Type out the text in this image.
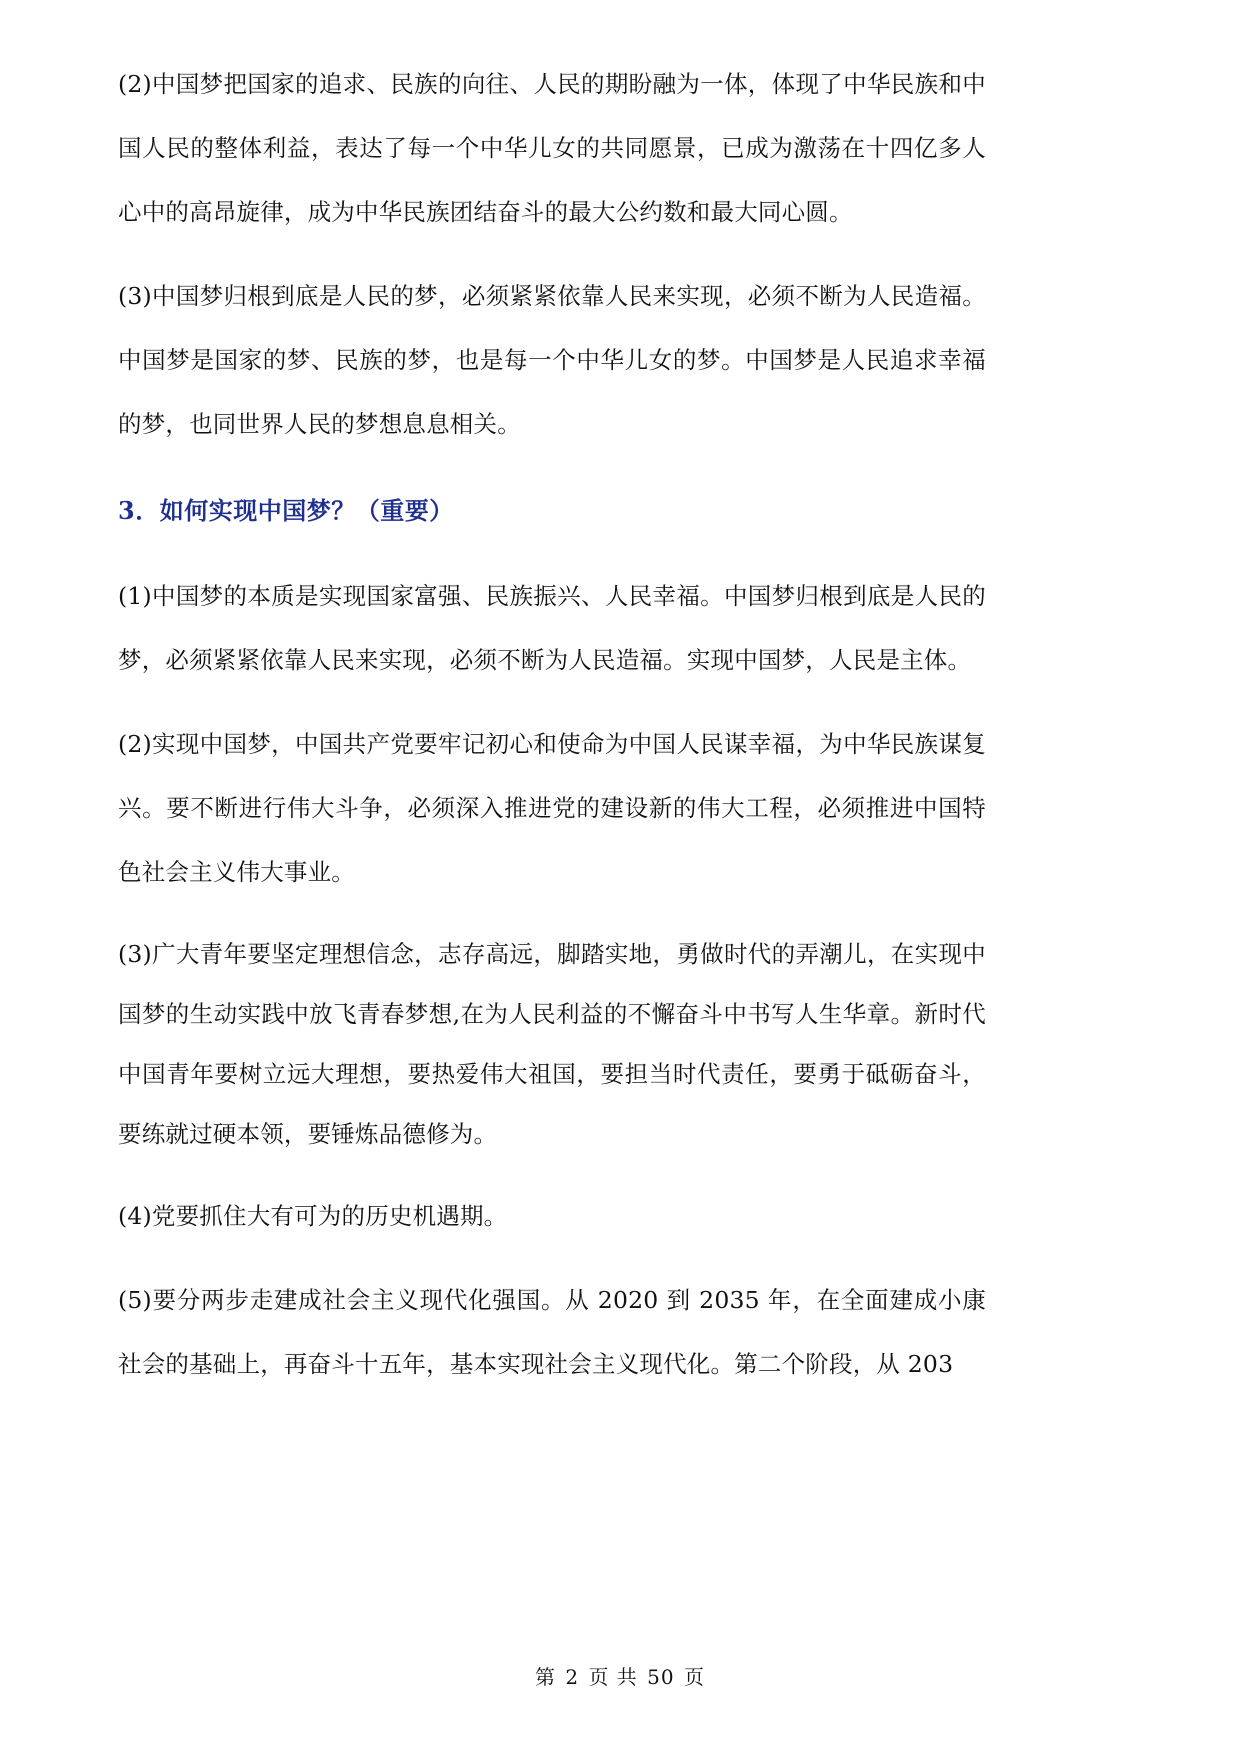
(2)中国梦把国家的追求、民族的向往、人民的期盼融为一体，体现了中华民族和中国人民的整体利益，表达了每一个中华儿女的共同愿景，已成为激荡在十四亿多人心中的高昂旋律，成为中华民族团结奋斗的最大公约数和最大同心圆。

(3)中国梦归根到底是人民的梦，必须紧紧依靠人民来实现，必须不断为人民造福。中国梦是国家的梦、民族的梦，也是每一个中华儿女的梦。中国梦是人民追求幸福的梦，也同世界人民的梦想息息相关。

3．如何实现中国梦？（重要）

(1)中国梦的本质是实现国家富强、民族振兴、人民幸福。中国梦归根到底是人民的梦，必须紧紧依靠人民来实现，必须不断为人民造福。实现中国梦，人民是主体。

(2)实现中国梦，中国共产党要牢记初心和使命为中国人民谋幸福，为中华民族谋复兴。要不断进行伟大斗争，必须深入推进党的建设新的伟大工程，必须推进中国特色社会主义伟大事业。

(3)广大青年要坚定理想信念，志存高远，脚踏实地，勇做时代的弄潮儿，在实现中国梦的生动实践中放飞青春梦想,在为人民利益的不懈奋斗中书写人生华章。新时代中国青年要树立远大理想，要热爱伟大祖国，要担当时代责任，要勇于砥砺奋斗，要练就过硬本领，要锤炼品德修为。

(4)党要抓住大有可为的历史机遇期。

(5)要分两步走建成社会主义现代化强国。从 2020 到 2035 年，在全面建成小康社会的基础上，再奋斗十五年，基本实现社会主义现代化。第二个阶段，从 203

第 2 页 共 50 页
